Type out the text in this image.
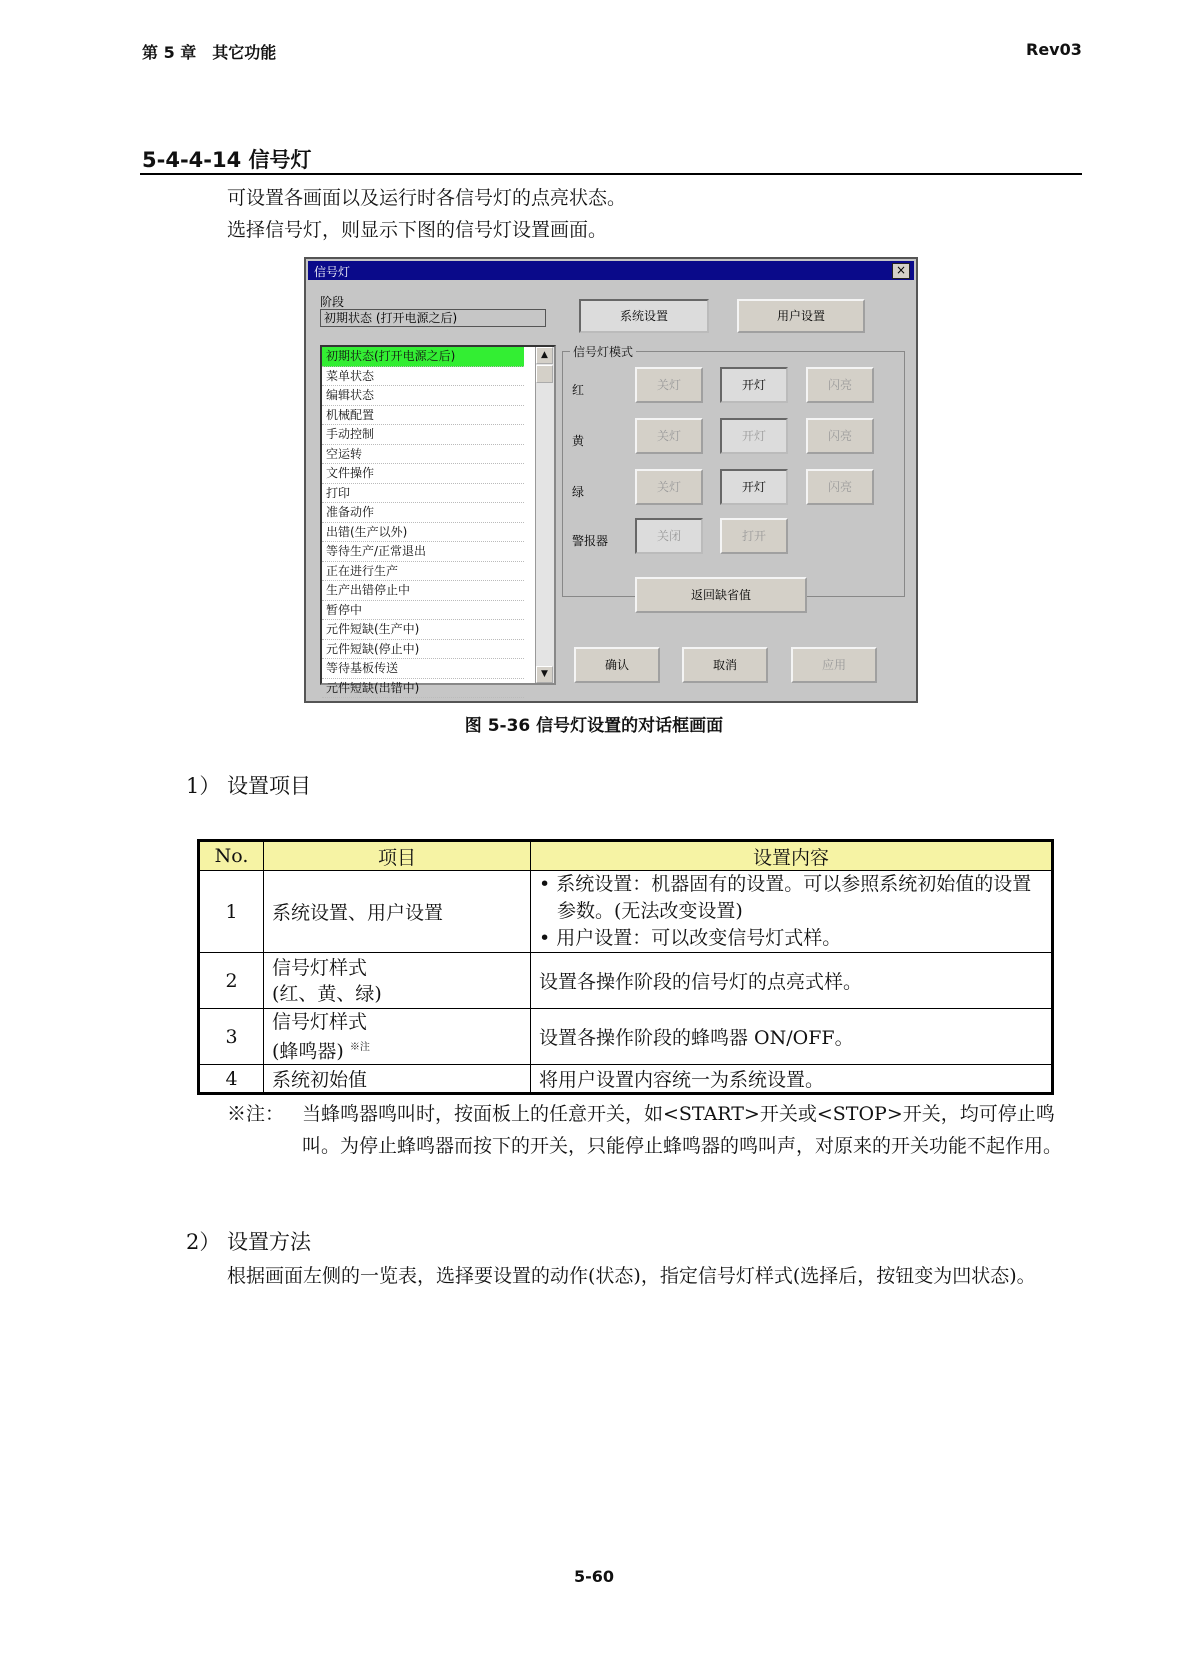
第 5 章　其它功能	Rev03
5-4-4-14 信号灯
可设置各画面以及运行时各信号灯的点亮状态。
选择信号灯，则显示下图的信号灯设置画面。
信号灯	×
阶段
初期状态 (打开电源之后)	系统设置	用户设置
初期状态(打开电源之后)
菜单状态
编辑状态
机械配置
手动控制
空运转
文件操作
打印
准备动作
出错(生产以外)
等待生产/正常退出
正在进行生产
生产出错停止中
暂停中
元件短缺(生产中)
元件短缺(停止中)
等待基板传送
元件短缺(出错中)
▲
▼
信号灯模式
红	关灯	开灯	闪亮
黄	关灯	开灯	闪亮
绿	关灯	开灯	闪亮
警报器	关闭	打开
返回缺省值
确认	取消	应用
图 5-36 信号灯设置的对话框画面
1） 设置项目
No.	项目	设置内容
1	系统设置、用户设置	• 系统设置：机器固有的设置。可以参照系统初始值的设置参数。(无法改变设置)
• 用户设置：可以改变信号灯式样。

2	信号灯样式
(红、黄、绿)	设置各操作阶段的信号灯的点亮式样。
3	信号灯样式
(蜂鸣器) $^{※注}$	设置各操作阶段的蜂鸣器 ON/OFF。
4	系统初始值	将用户设置内容统一为系统设置。
※注： 当蜂鸣器鸣叫时，按面板上的任意开关，如<START>开关或<STOP>开关，均可停止鸣叫。为停止蜂鸣器而按下的开关，只能停止蜂鸣器的鸣叫声，对原来的开关功能不起作用。
2） 设置方法
根据画面左侧的一览表，选择要设置的动作(状态)，指定信号灯样式(选择后，按钮变为凹状态)。
5-60
